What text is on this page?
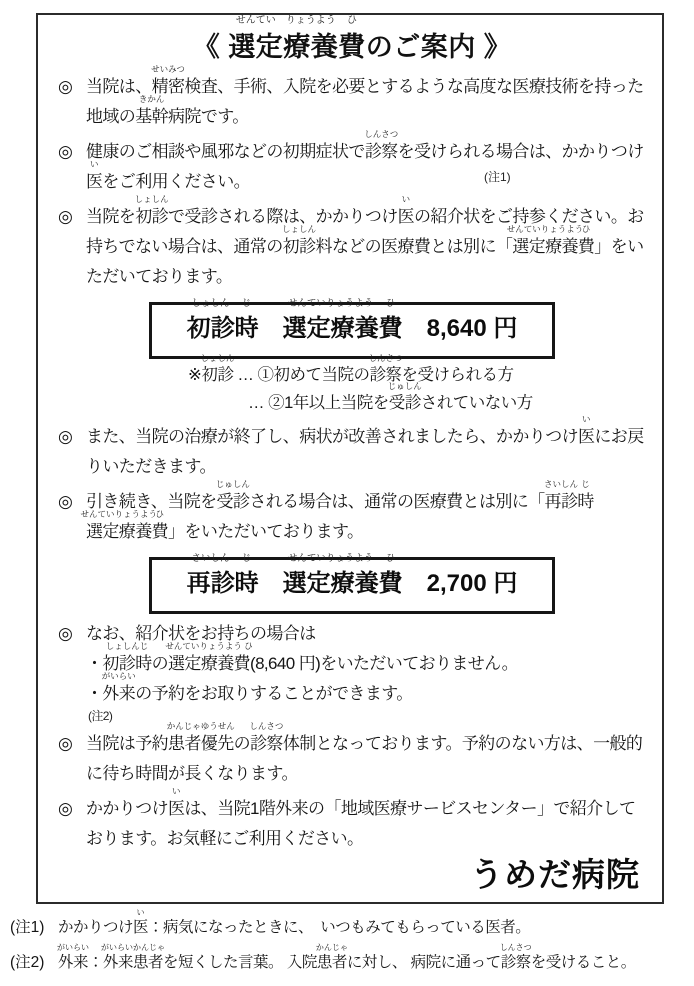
《 選定
せんてい
療養
りょうよう
費
ひ
のご案内 》
◎ 当院は、精密
せいみつ
検査、手術、入院を必要とするような高度な医療技術を持った地域の基幹
きかん
病院です。
◎ 健康のご相談や風邪などの初期症状で診察
しんさつ
を受けられる場合は、かかりつけ医
い
をご利用ください。	(注1)
◎ 当院を初診
しょしん
で受診される際は、かかりつけ医
い
の紹介状をご持参ください。お持ちでない場合は、通常の初診
しょしん
料などの医療費とは別に「選定療養
せんていりょうよう
費
ひ
」をいただいております。
初診
しょしん
時
じ
　選定療養
せんていりょうよう
費
ひ
　8,640 円
※初診
しょしん
… ①初めて当院の診察
しんさつ
を受けられる方
… ②1年以上当院を受診
じゅしん
されていない方
◎ また、当院の治療が終了し、病状が改善されましたら、かかりつけ医
い
にお戻りいただきます。
◎ 引き続き、当院を受診
じゅしん
される場合は、通常の医療費とは別に「再診
さいしん
時
じ
選定療養
せんていりょうよう
費
ひ
」をいただいております。
再診
さいしん
時
じ
　選定療養
せんていりょうよう
費
ひ
　2,700 円
◎ なお、紹介状をお持ちの場合は
・初診時
しょしんじ
の選定療養費
せんていりょうよう ひ
(8,640 円)をいただいておりません。
・外来
がいらい
の予約をお取りすることができます。
(注2)
◎ 当院は予約患者優先
かんじゃゆうせん
の診察
しんさつ
体制となっております。予約のない方は、一般的に待ち時間が長くなります。
◎ かかりつけ医
い
は、当院1階外来の「地域医療サービスセンター」で紹介しております。お気軽にご利用ください。
うめだ病院
(注1) かかりつけ医
い
：病気になったときに、　いつもみてもらっている医者。
(注2) 外来
がいらい
：外来患者
がいらいかんじゃ
を短くした言葉。 入院患者
かんじゃ
に対し、 病院に通って診察
しんさつ
を受けること。
